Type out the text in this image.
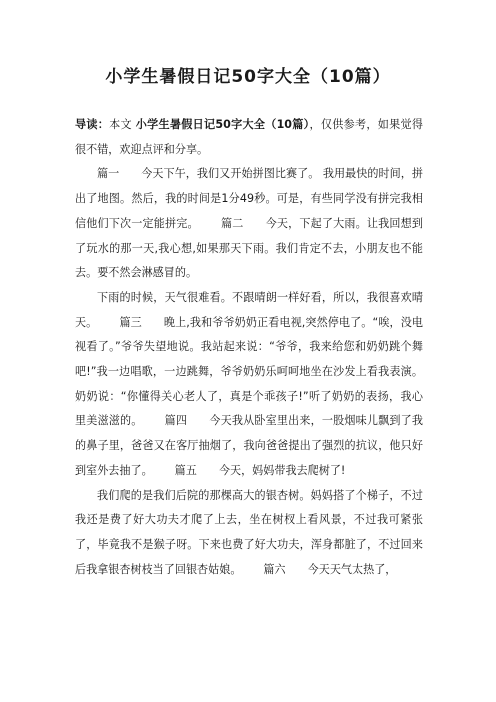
小学生暑假日记50字大全（10篇）

导读：本文 小学生暑假日记50字大全（10篇），仅供参考，如果觉得很不错，欢迎点评和分享。

篇一 今天下午，我们又开始拼图比赛了。 我用最快的时间，拼出了地图。然后，我的时间是1分49秒。可是，有些同学没有拼完我相信他们下次一定能拼完。 篇二 今天，下起了大雨。让我回想到了玩水的那一天,我心想,如果那天下雨。我们肯定不去，小朋友也不能去。要不然会淋感冒的。

下雨的时候，天气很难看。不跟晴朗一样好看，所以，我很喜欢晴天。 篇三 晚上,我和爷爷奶奶正看电视,突然停电了。“唉，没电视看了。”爷爷失望地说。我站起来说：“爷爷，我来给您和奶奶跳个舞吧!”我一边唱歌，一边跳舞，爷爷奶奶乐呵呵地坐在沙发上看我表演。奶奶说：“你懂得关心老人了，真是个乖孩子!”听了奶奶的表扬，我心里美滋滋的。 篇四 今天我从卧室里出来，一股烟味儿飘到了我的鼻子里，爸爸又在客厅抽烟了，我向爸爸提出了强烈的抗议，他只好到室外去抽了。 篇五 今天，妈妈带我去爬树了!

我们爬的是我们后院的那棵高大的银杏树。妈妈搭了个梯子，不过我还是费了好大功夫才爬了上去，坐在树杈上看风景，不过我可紧张了，毕竟我不是猴子呀。下来也费了好大功夫，浑身都脏了，不过回来后我拿银杏树枝当了回银杏姑娘。 篇六 今天天气太热了，
